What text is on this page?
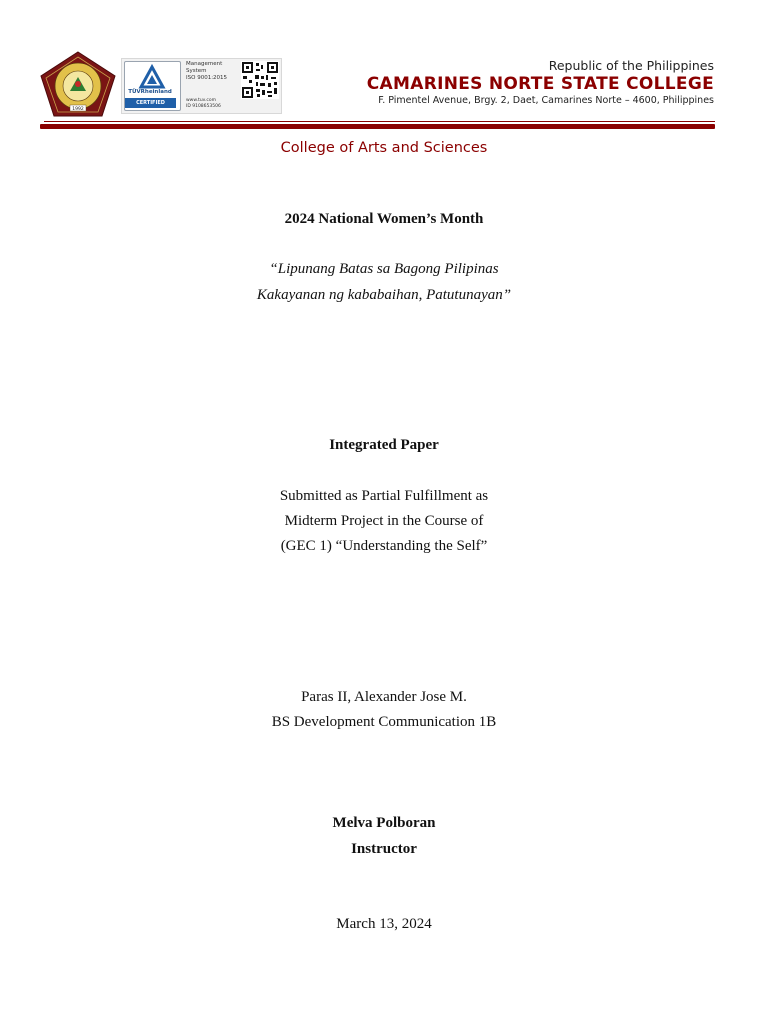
1992
TÜVRheinland
CERTIFIED
Management
System
ISO 9001:2015
www.tuv.com
ID 9108653506
Republic of the Philippines
CAMARINES NORTE STATE COLLEGE
F. Pimentel Avenue, Brgy. 2, Daet, Camarines Norte – 4600, Philippines
College of Arts and Sciences
2024 National Women’s Month
“Lipunang Batas sa Bagong Pilipinas
Kakayanan ng kababaihan, Patutunayan”
Integrated Paper
Submitted as Partial Fulfillment as
Midterm Project in the Course of
(GEC 1) “Understanding the Self”
Paras II, Alexander Jose M.
BS Development Communication 1B
Melva Polboran
Instructor
March 13, 2024
